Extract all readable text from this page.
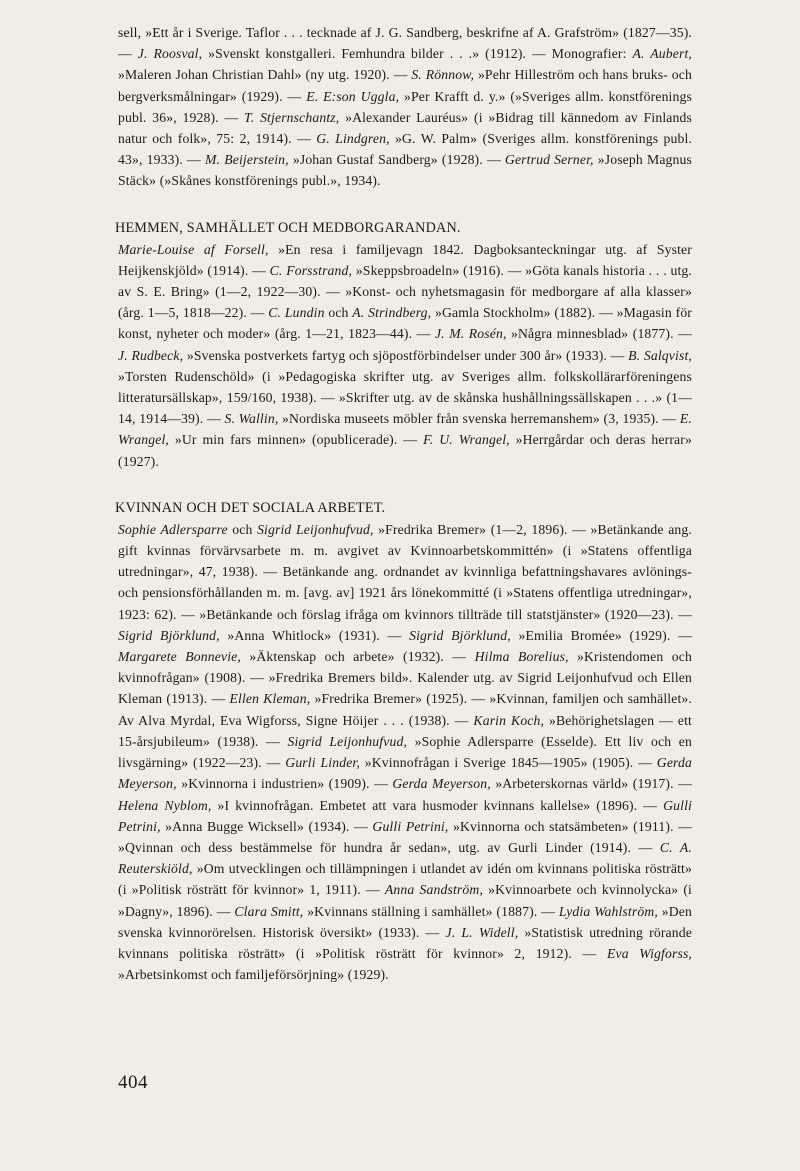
sell, »Ett år i Sverige. Taflor . . . tecknade af J. G. Sandberg, beskrifne af A. Grafström» (1827—35). — J. Roosval, »Svenskt konstgalleri. Femhundra bilder . . .» (1912). — Monografier: A. Aubert, »Maleren Johan Christian Dahl» (ny utg. 1920). — S. Rönnow, »Pehr Hilleström och hans bruks- och bergverksmålningar» (1929). — E. E:son Uggla, »Per Krafft d. y.» (»Sveriges allm. konstförenings publ. 36», 1928). — T. Stjernschantz, »Alexander Lauréus» (i »Bidrag till kännedom av Finlands natur och folk», 75: 2, 1914). — G. Lindgren, »G. W. Palm» (Sveriges allm. konstförenings publ. 43», 1933). — M. Beijerstein, »Johan Gustaf Sandberg» (1928). — Gertrud Serner, »Joseph Magnus Stäck» (»Skånes konstförenings publ.», 1934).

HEMMEN, SAMHÄLLET OCH MEDBORGARANDAN.

Marie-Louise af Forsell, »En resa i familjevagn 1842. Dagboksanteckningar utg. af Syster Heijkenskjöld» (1914). — C. Forsstrand, »Skeppsbroadeln» (1916). — »Göta kanals historia . . . utg. av S. E. Bring» (1—2, 1922—30). — »Konst- och nyhetsmagasin för medborgare af alla klasser» (årg. 1—5, 1818—22). — C. Lundin och A. Strindberg, »Gamla Stockholm» (1882). — »Magasin för konst, nyheter och moder» (årg. 1—21, 1823—44). — J. M. Rosén, »Några minnesblad» (1877). — J. Rudbeck, »Svenska postverkets fartyg och sjöpostförbindelser under 300 år» (1933). — B. Salqvist, »Torsten Rudenschöld» (i »Pedagogiska skrifter utg. av Sveriges allm. folkskollärarföreningens litteratursällskap», 159/160, 1938). — »Skrifter utg. av de skånska hushållningssällskapen . . .» (1—14, 1914—39). — S. Wallin, »Nordiska museets möbler från svenska herremanshem» (3, 1935). — E. Wrangel, »Ur min fars minnen» (opublicerade). — F. U. Wrangel, »Herrgårdar och deras herrar» (1927).

KVINNAN OCH DET SOCIALA ARBETET.

Sophie Adlersparre och Sigrid Leijonhufvud, »Fredrika Bremer» (1—2, 1896). — »Betänkande ang. gift kvinnas förvärvsarbete m. m. avgivet av Kvinnoarbetskommittén» (i »Statens offentliga utredningar», 47, 1938). — Betänkande ang. ordnandet av kvinnliga befattningshavares avlönings- och pensionsförhållanden m. m. [avg. av] 1921 års lönekommitté (i »Statens offentliga utredningar», 1923: 62). — »Betänkande och förslag ifråga om kvinnors tillträde till statstjänster» (1920—23). — Sigrid Björklund, »Anna Whitlock» (1931). — Sigrid Björklund, »Emilia Bromée» (1929). — Margarete Bonnevie, »Äktenskap och arbete» (1932). — Hilma Borelius, »Kristendomen och kvinnofrågan» (1908). — »Fredrika Bremers bild». Kalender utg. av Sigrid Leijonhufvud och Ellen Kleman (1913). — Ellen Kleman, »Fredrika Bremer» (1925). — »Kvinnan, familjen och samhället». Av Alva Myrdal, Eva Wigforss, Signe Höijer . . . (1938). — Karin Koch, »Behörighetslagen — ett 15-årsjubileum» (1938). — Sigrid Leijonhufvud, »Sophie Adlersparre (Esselde). Ett liv och en livsgärning» (1922—23). — Gurli Linder, »Kvinnofrågan i Sverige 1845—1905» (1905). — Gerda Meyerson, »Kvinnorna i industrien» (1909). — Gerda Meyerson, »Arbeterskornas värld» (1917). — Helena Nyblom, »I kvinnofrågan. Embetet att vara husmoder kvinnans kallelse» (1896). — Gulli Petrini, »Anna Bugge Wicksell» (1934). — Gulli Petrini, »Kvinnorna och statsämbeten» (1911). — »Qvinnan och dess bestämmelse för hundra år sedan», utg. av Gurli Linder (1914). — C. A. Reuterskiöld, »Om utvecklingen och tillämpningen i utlandet av idén om kvinnans politiska rösträtt» (i »Politisk rösträtt för kvinnor» 1, 1911). — Anna Sandström, »Kvinnoarbete och kvinnolycka» (i »Dagny», 1896). — Clara Smitt, »Kvinnans ställning i samhället» (1887). — Lydia Wahlström, »Den svenska kvinnorörelsen. Historisk översikt» (1933). — J. L. Widell, »Statistisk utredning rörande kvinnans politiska rösträtt» (i »Politisk rösträtt för kvinnor» 2, 1912). — Eva Wigforss, »Arbetsinkomst och familjeförsörjning» (1929).

404
